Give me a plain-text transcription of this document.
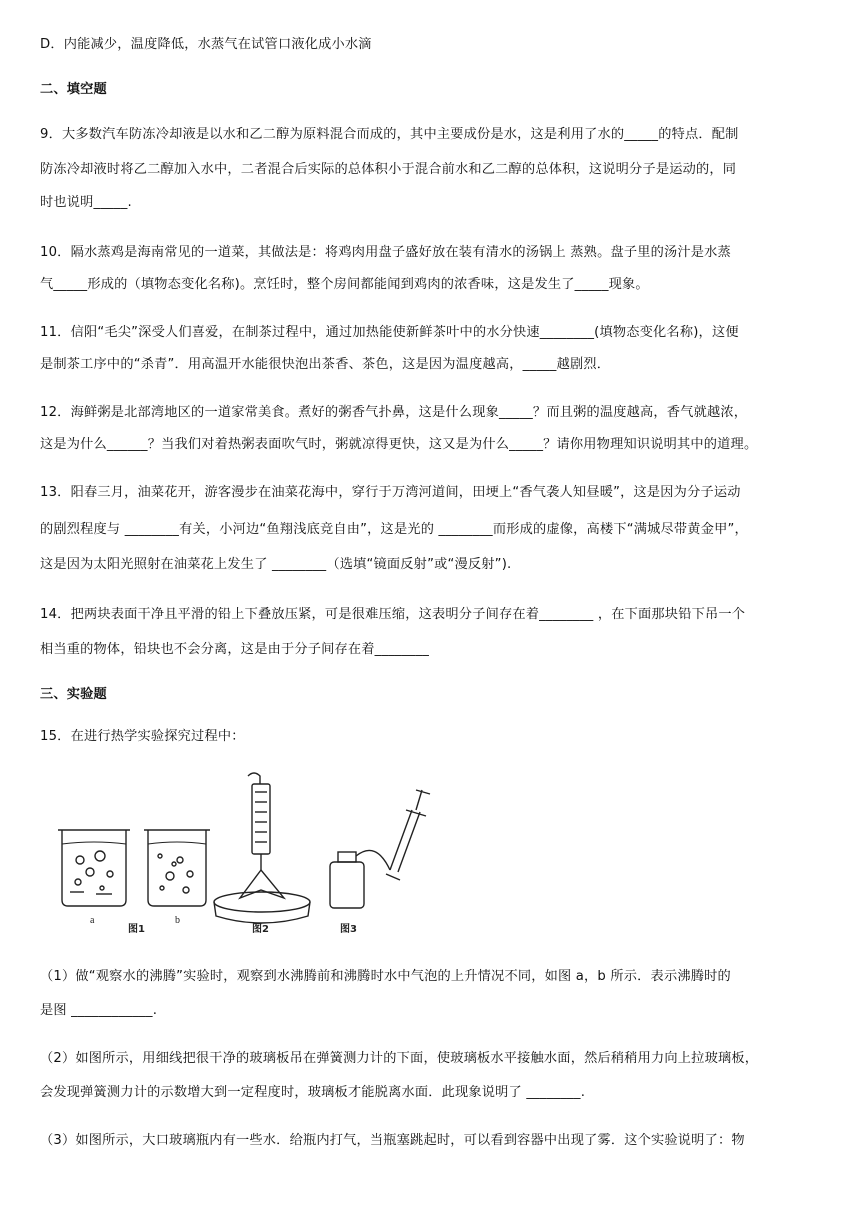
D．内能减少，温度降低，水蒸气在试管口液化成小水滴

二、填空题

9．大多数汽车防冻冷却液是以水和乙二醇为原料混合而成的，其中主要成份是水，这是利用了水的_____的特点．配制

防冻冷却液时将乙二醇加入水中，二者混合后实际的总体积小于混合前水和乙二醇的总体积，这说明分子是运动的，同

时也说明_____.

10．隔水蒸鸡是海南常见的一道菜，其做法是：将鸡肉用盘子盛好放在装有清水的汤锅上 蒸熟。盘子里的汤汁是水蒸

气_____形成的（填物态变化名称)。烹饪时，整个房间都能闻到鸡肉的浓香味，这是发生了_____现象。

11．信阳“毛尖”深受人们喜爱，在制茶过程中，通过加热能使新鲜茶叶中的水分快速________(填物态变化名称)，这便

是制茶工序中的“杀青”．用高温开水能很快泡出茶香、茶色，这是因为温度越高，_____越剧烈．

12．海鲜粥是北部湾地区的一道家常美食。煮好的粥香气扑鼻，这是什么现象_____？而且粥的温度越高，香气就越浓，

这是为什么______？当我们对着热粥表面吹气时，粥就凉得更快，这又是为什么_____？请你用物理知识说明其中的道理。

13．阳春三月，油菜花开，游客漫步在油菜花海中，穿行于万湾河道间，田埂上“香气袭人知昼暖”，这是因为分子运动

的剧烈程度与 ________有关，小河边“鱼翔浅底竞自由”，这是光的 ________而形成的虚像，高楼下“满城尽带黄金甲”，

这是因为太阳光照射在油菜花上发生了 ________（选填“镜面反射”或“漫反射”).

14．把两块表面干净且平滑的铅上下叠放压紧，可是很难压缩，这表明分子间存在着________ ，在下面那块铅下吊一个

相当重的物体，铅块也不会分离，这是由于分子间存在着________

三、实验题

15．在进行热学实验探究过程中：

a	b
图2	图3
图1

（1）做“观察水的沸腾”实验时，观察到水沸腾前和沸腾时水中气泡的上升情况不同，如图 a，b 所示．表示沸腾时的

是图 ____________.

（2）如图所示，用细线把很干净的玻璃板吊在弹簧测力计的下面，使玻璃板水平接触水面，然后稍稍用力向上拉玻璃板，

会发现弹簧测力计的示数增大到一定程度时，玻璃板才能脱离水面．此现象说明了 ________.

（3）如图所示，大口玻璃瓶内有一些水．给瓶内打气，当瓶塞跳起时，可以看到容器中出现了雾．这个实验说明了：物
